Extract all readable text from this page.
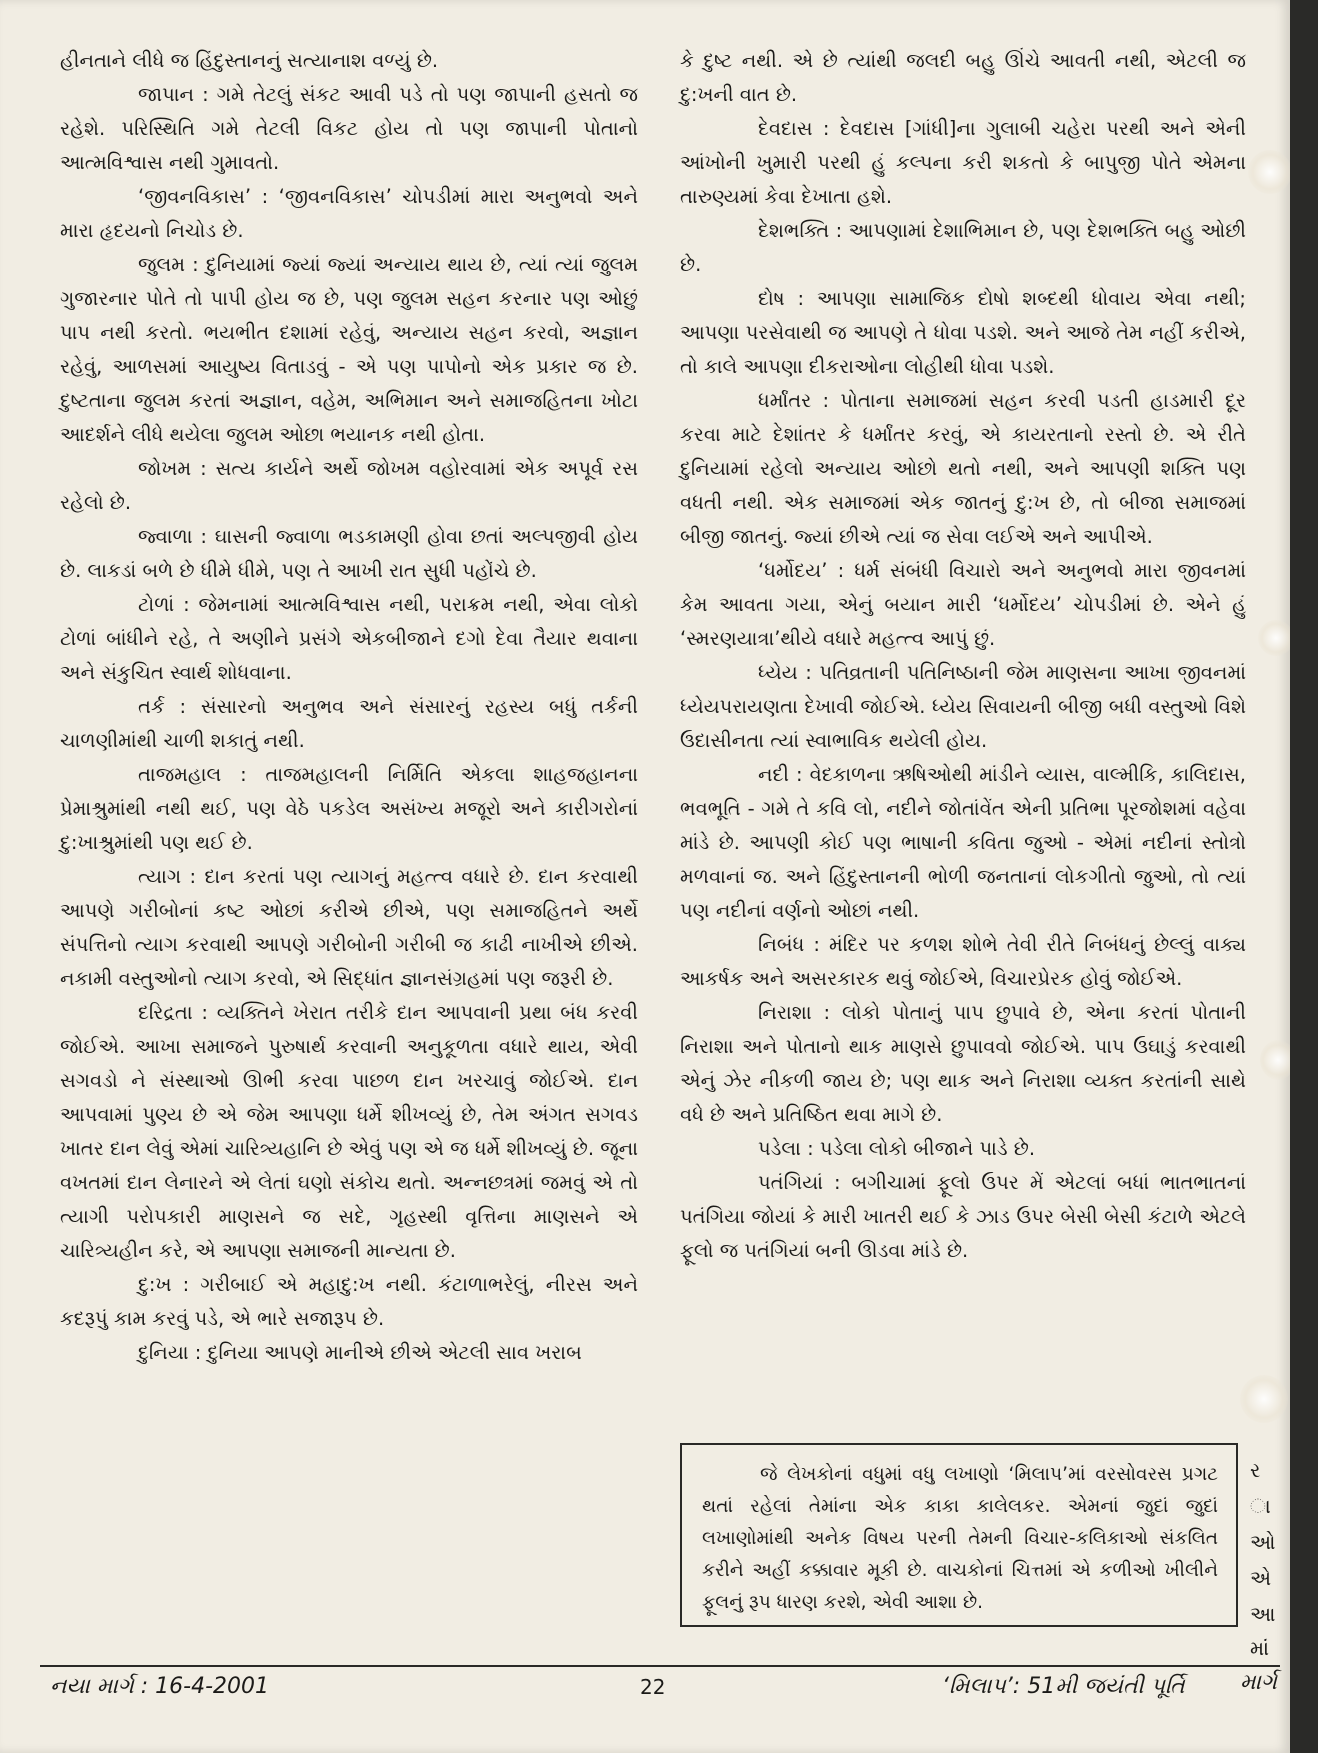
હીનતાને લીધે જ હિંદુસ્તાનનું સત્યાનાશ વળ્યું છે.

જાપાન : ગમે તેટલું સંકટ આવી પડે તો પણ જાપાની હસતો જ રહેશે. પરિસ્થિતિ ગમે તેટલી વિકટ હોય તો પણ જાપાની પોતાનો આત્મવિશ્વાસ નથી ગુમાવતો.

‘જીવનવિકાસ’ : ‘જીવનવિકાસ’ ચોપડીમાં મારા અનુભવો અને મારા હૃદયનો નિચોડ છે.

જુલમ : દુનિયામાં જ્યાં જ્યાં અન્યાય થાય છે, ત્યાં ત્યાં જુલમ ગુજારનાર પોતે તો પાપી હોય જ છે, પણ જુલમ સહન કરનાર પણ ઓછું પાપ નથી કરતો. ભયભીત દશામાં રહેવું, અન્યાય સહન કરવો, અજ્ઞાન રહેવું, આળસમાં આયુષ્ય વિતાડવું - એ પણ પાપોનો એક પ્રકાર જ છે. દુષ્ટતાના જુલમ કરતાં અજ્ઞાન, વહેમ, અભિમાન અને સમાજહિતના ખોટા આદર્શને લીધે થયેલા જુલમ ઓછા ભયાનક નથી હોતા.

જોખમ : સત્ય કાર્યને અર્થે જોખમ વહોરવામાં એક અપૂર્વ રસ રહેલો છે.

જ્વાળા : ઘાસની જ્વાળા ભડકામણી હોવા છતાં અલ્પજીવી હોય છે. લાકડાં બળે છે ધીમે ધીમે, પણ તે આખી રાત સુધી પહોંચે છે.

ટોળાં : જેમનામાં આત્મવિશ્વાસ નથી, પરાક્રમ નથી, એવા લોકો ટોળાં બાંધીને રહે, તે અણીને પ્રસંગે એકબીજાને દગો દેવા તૈયાર થવાના અને સંકુચિત સ્વાર્થ શોધવાના.

તર્ક : સંસારનો અનુભવ અને સંસારનું રહસ્ય બધું તર્કની ચાળણીમાંથી ચાળી શકાતું નથી.

તાજમહાલ : તાજમહાલની નિર્મિતિ એકલા શાહજહાનના પ્રેમાશ્રુમાંથી નથી થઈ, પણ વેઠે પકડેલ અસંખ્ય મજૂરો અને કારીગરોનાં દુ:ખાશ્રુમાંથી પણ થઈ છે.

ત્યાગ : દાન કરતાં પણ ત્યાગનું મહત્ત્વ વધારે છે. દાન કરવાથી આપણે ગરીબોનાં કષ્ટ ઓછાં કરીએ છીએ, પણ સમાજહિતને અર્થે સંપત્તિનો ત્યાગ કરવાથી આપણે ગરીબોની ગરીબી જ કાઢી નાખીએ છીએ. નકામી વસ્તુઓનો ત્યાગ કરવો, એ સિદ્ધાંત જ્ઞાનસંગ્રહમાં પણ જરૂરી છે.

દરિદ્રતા : વ્યક્તિને ખેરાત તરીકે દાન આપવાની પ્રથા બંધ કરવી જોઈએ. આખા સમાજને પુરુષાર્થ કરવાની અનુકૂળતા વધારે થાય, એવી સગવડો ને સંસ્થાઓ ઊભી કરવા પાછળ દાન ખરચાવું જોઈએ. દાન આપવામાં પુણ્ય છે એ જેમ આપણા ધર્મે શીખવ્યું છે, તેમ અંગત સગવડ ખાતર દાન લેવું એમાં ચારિત્ર્યહાનિ છે એવું પણ એ જ ધર્મે શીખવ્યું છે. જૂના વખતમાં દાન લેનારને એ લેતાં ઘણો સંકોચ થતો. અન્નછત્રમાં જમવું એ તો ત્યાગી પરોપકારી માણસને જ સદે, ગૃહસ્થી વૃત્તિના માણસને એ ચારિત્ર્યહીન કરે, એ આપણા સમાજની માન્યતા છે.

દુ:ખ : ગરીબાઈ એ મહાદુ:ખ નથી. કંટાળાભરેલું, નીરસ અને કદરૂપું કામ કરવું પડે, એ ભારે સજારૂપ છે.

દુનિયા : દુનિયા આપણે માનીએ છીએ એટલી સાવ ખરાબ

કે દુષ્ટ નથી. એ છે ત્યાંથી જલદી બહુ ઊંચે આવતી નથી, એટલી જ દુ:ખની વાત છે.

દેવદાસ : દેવદાસ [ગાંધી]ના ગુલાબી ચહેરા પરથી અને એની આંખોની ખુમારી પરથી હું કલ્પના કરી શકતો કે બાપુજી પોતે એમના તારુણ્યમાં કેવા દેખાતા હશે.

દેશભક્તિ : આપણામાં દેશાભિમાન છે, પણ દેશભક્તિ બહુ ઓછી છે.

દોષ : આપણા સામાજિક દોષો શબ્દથી ધોવાય એવા નથી; આપણા પરસેવાથી જ આપણે તે ધોવા પડશે. અને આજે તેમ નહીં કરીએ, તો કાલે આપણા દીકરાઓના લોહીથી ધોવા પડશે.

ધર્માંતર : પોતાના સમાજમાં સહન કરવી પડતી હાડમારી દૂર કરવા માટે દેશાંતર કે ધર્માંતર કરવું, એ કાયરતાનો રસ્તો છે. એ રીતે દુનિયામાં રહેલો અન્યાય ઓછો થતો નથી, અને આપણી શક્તિ પણ વધતી નથી. એક સમાજમાં એક જાતનું દુ:ખ છે, તો બીજા સમાજમાં બીજી જાતનું. જ્યાં છીએ ત્યાં જ સેવા લઈએ અને આપીએ.

‘ધર્મોદય’ : ધર્મ સંબંધી વિચારો અને અનુભવો મારા જીવનમાં કેમ આવતા ગયા, એનું બયાન મારી ‘ધર્મોદય’ ચોપડીમાં છે. એને હું ‘સ્મરણયાત્રા’થીયે વધારે મહત્ત્વ આપું છું.

ધ્યેય : પતિવ્રતાની પતિનિષ્ઠાની જેમ માણસના આખા જીવનમાં ધ્યેયપરાયણતા દેખાવી જોઈએ. ધ્યેય સિવાયની બીજી બધી વસ્તુઓ વિશે ઉદાસીનતા ત્યાં સ્વાભાવિક થયેલી હોય.

નદી : વેદકાળના ઋષિઓથી માંડીને વ્યાસ, વાલ્મીકિ, કાલિદાસ, ભવભૂતિ - ગમે તે કવિ લો, નદીને જોતાંવેંત એની પ્રતિભા પૂરજોશમાં વહેવા માંડે છે. આપણી કોઈ પણ ભાષાની કવિતા જુઓ - એમાં નદીનાં સ્તોત્રો મળવાનાં જ. અને હિંદુસ્તાનની ભોળી જનતાનાં લોકગીતો જુઓ, તો ત્યાં પણ નદીનાં વર્ણનો ઓછાં નથી.

નિબંધ : મંદિર પર કળશ શોભે તેવી રીતે નિબંધનું છેલ્લું વાક્ય આકર્ષક અને અસરકારક થવું જોઈએ, વિચારપ્રેરક હોવું જોઈએ.

નિરાશા : લોકો પોતાનું પાપ છુપાવે છે, એના કરતાં પોતાની નિરાશા અને પોતાનો થાક માણસે છુપાવવો જોઈએ. પાપ ઉઘાડું કરવાથી એનું ઝેર નીકળી જાય છે; પણ થાક અને નિરાશા વ્યક્ત કરતાંની સાથે વધે છે અને પ્રતિષ્ઠિત થવા માગે છે.

પડેલા : પડેલા લોકો બીજાને પાડે છે.

પતંગિયાં : બગીચામાં ફૂલો ઉપર મેં એટલાં બધાં ભાતભાતનાં પતંગિયા જોયાં કે મારી ખાતરી થઈ કે ઝાડ ઉપર બેસી બેસી કંટાળે એટલે ફૂલો જ પતંગિયાં બની ઊડવા માંડે છે.

જે લેખકોનાં વધુમાં વધુ લખાણો ‘મિલાપ’માં વરસોવરસ પ્રગટ થતાં રહેલાં તેમાંના એક કાકા કાલેલકર. એમનાં જુદાં જુદાં લખાણોમાંથી અનેક વિષય પરની તેમની વિચાર-કલિકાઓ સંકલિત કરીને અહીં કક્કાવાર મૂકી છે. વાચકોનાં ચિત્તમાં એ કળીઓ ખીલીને ફૂલનું રૂપ ધારણ કરશે, એવી આશા છે.

ર
ા
ઓ
એ
આ
માં
નયા માર્ગ : 16-4-2001	22	‘મિલાપ’: 51મી જયંતી પૂર્તિ	માર્ગ
